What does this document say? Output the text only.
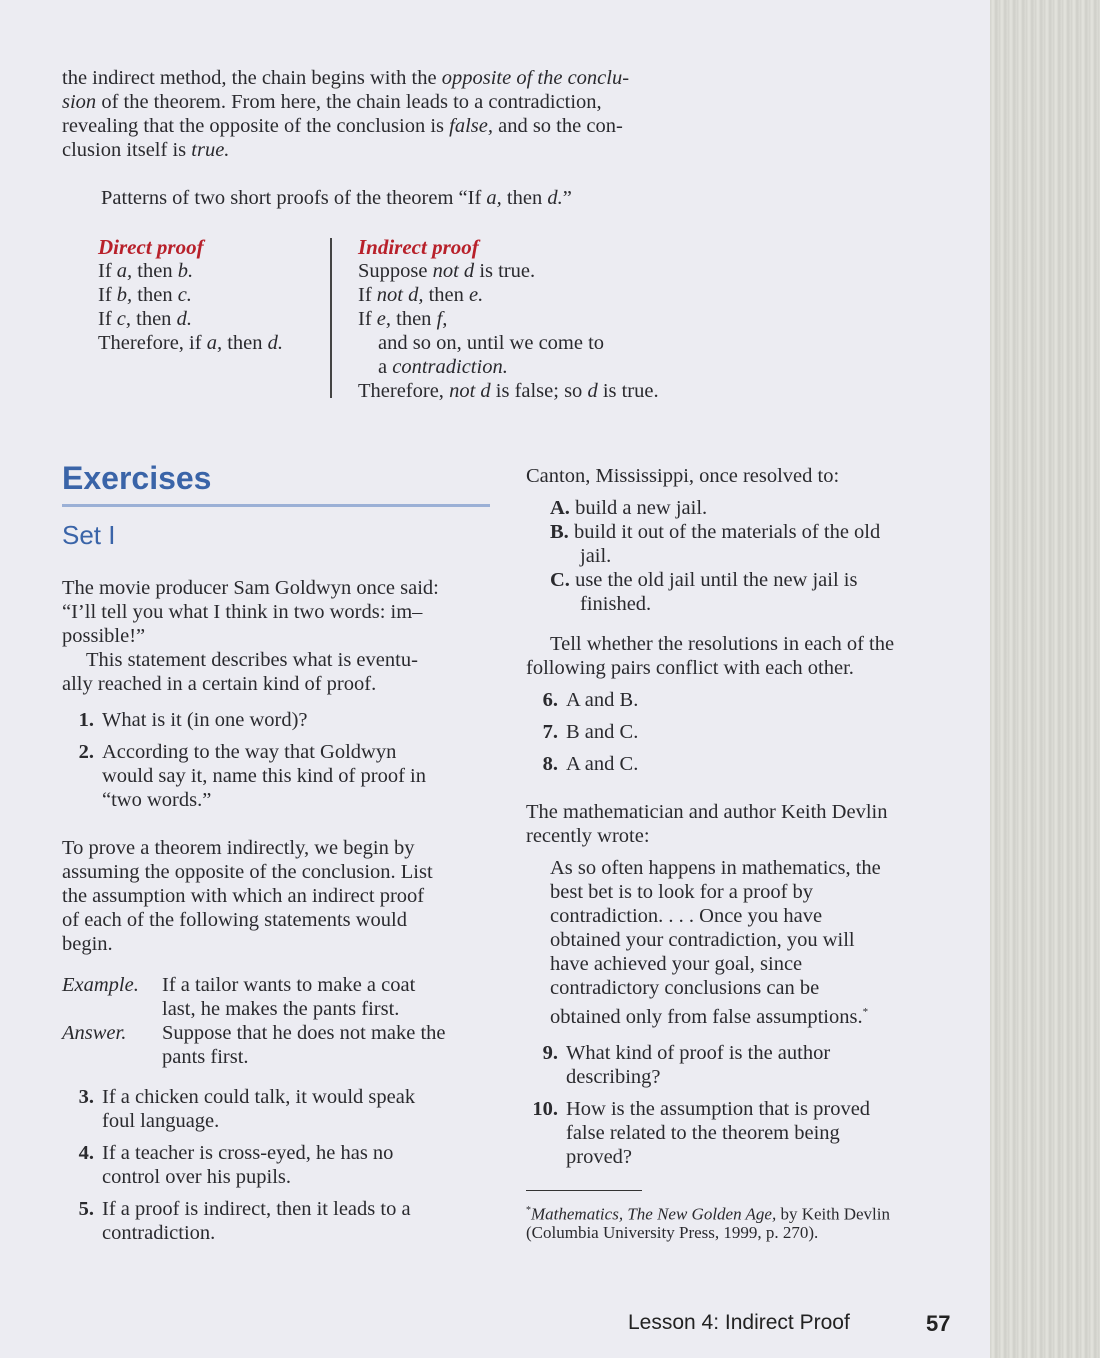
the indirect method, the chain begins with the opposite of the conclu-
sion of the theorem. From here, the chain leads to a contradiction,
revealing that the opposite of the conclusion is false, and so the con-
clusion itself is true.
Patterns of two short proofs of the theorem “If a, then d.”
Direct proof
If a, then b.
If b, then c.
If c, then d.
Therefore, if a, then d.
Indirect proof
Suppose not d is true.
If not d, then e.
If e, then f,
and so on, until we come to
a contradiction.
Therefore, not d is false; so d is true.
Exercises
Set I
The movie producer Sam Goldwyn once said:
“I’ll tell you what I think in two words: im–
possible!”
This statement describes what is eventu-
ally reached in a certain kind of proof.
1. What is it (in one word)?
2. According to the way that Goldwyn
would say it, name this kind of proof in
“two words.”
To prove a theorem indirectly, we begin by
assuming the opposite of the conclusion. List
the assumption with which an indirect proof
of each of the following statements would
begin.
Example. If a tailor wants to make a coat
last, he makes the pants first.
Answer. Suppose that he does not make the
pants first.
3. If a chicken could talk, it would speak
foul language.
4. If a teacher is cross-eyed, he has no
control over his pupils.
5. If a proof is indirect, then it leads to a
contradiction.
Canton, Mississippi, once resolved to:
A. build a new jail.
B. build it out of the materials of the old
jail.
C. use the old jail until the new jail is
finished.
Tell whether the resolutions in each of the
following pairs conflict with each other.
6. A and B.
7. B and C.
8. A and C.
The mathematician and author Keith Devlin
recently wrote:
As so often happens in mathematics, the
best bet is to look for a proof by
contradiction. . . . Once you have
obtained your contradiction, you will
have achieved your goal, since
contradictory conclusions can be
obtained only from false assumptions.*
9. What kind of proof is the author
describing?
10. How is the assumption that is proved
false related to the theorem being
proved?
*Mathematics, The New Golden Age, by Keith Devlin
(Columbia University Press, 1999, p. 270).
Lesson 4: Indirect Proof	57
